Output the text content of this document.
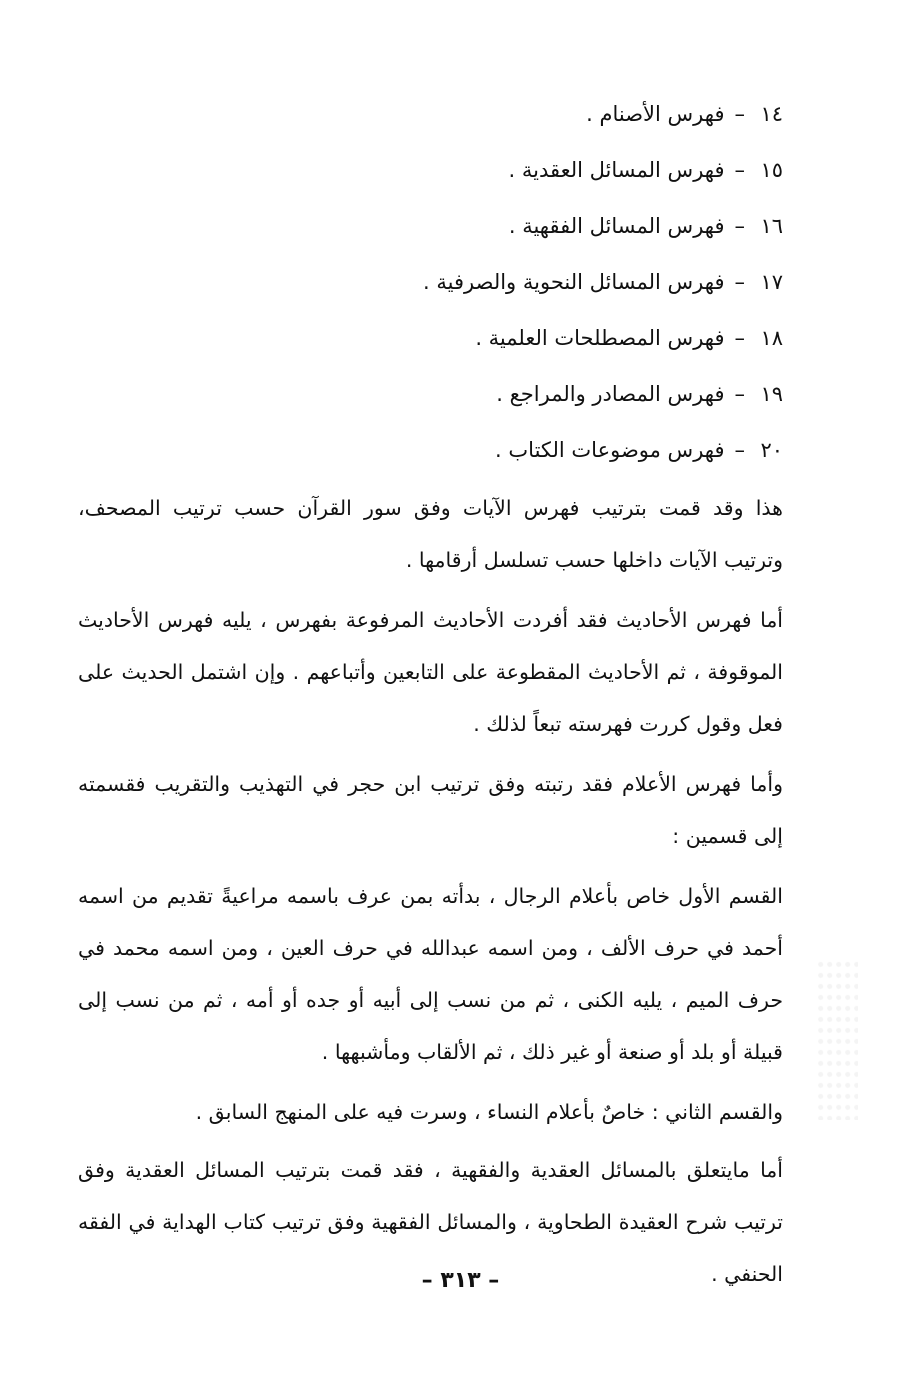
١٤–فهرس الأصنام .
١٥–فهرس المسائل العقدية .
١٦–فهرس المسائل الفقهية .
١٧–فهرس المسائل النحوية والصرفية .
١٨–فهرس المصطلحات العلمية .
١٩–فهرس المصادر والمراجع .
٢٠–فهرس موضوعات الكتاب .

هذا وقد قمت بترتيب فهرس الآيات وفق سور القرآن حسب ترتيب المصحف، وترتيب الآيات داخلها حسب تسلسل أرقامها .

أما فهرس الأحاديث فقد أفردت الأحاديث المرفوعة بفهرس ، يليه فهرس الأحاديث الموقوفة ، ثم الأحاديث المقطوعة على التابعين وأتباعهم . وإن اشتمل الحديث على فعل وقول كررت فهرسته تبعاً لذلك .

وأما فهرس الأعلام فقد رتبته وفق ترتيب ابن حجر في التهذيب والتقريب فقسمته إلى قسمين :

القسم الأول خاص بأعلام الرجال ، بدأته بمن عرف باسمه مراعيةً تقديم من اسمه أحمد في حرف الألف ، ومن اسمه عبدالله في حرف العين ، ومن اسمه محمد في حرف الميم ، يليه الكنى ، ثم من نسب إلى أبيه أو جده أو أمه ، ثم من نسب إلى قبيلة أو بلد أو صنعة أو غير ذلك ، ثم الألقاب ومأشبهها .

والقسم الثاني : خاصٌ بأعلام النساء ، وسرت فيه على المنهج السابق .

أما مايتعلق بالمسائل العقدية والفقهية ، فقد قمت بترتيب المسائل العقدية وفق ترتيب شرح العقيدة الطحاوية ، والمسائل الفقهية وفق ترتيب كتاب الهداية في الفقه الحنفي .

– ٣١٣ –
